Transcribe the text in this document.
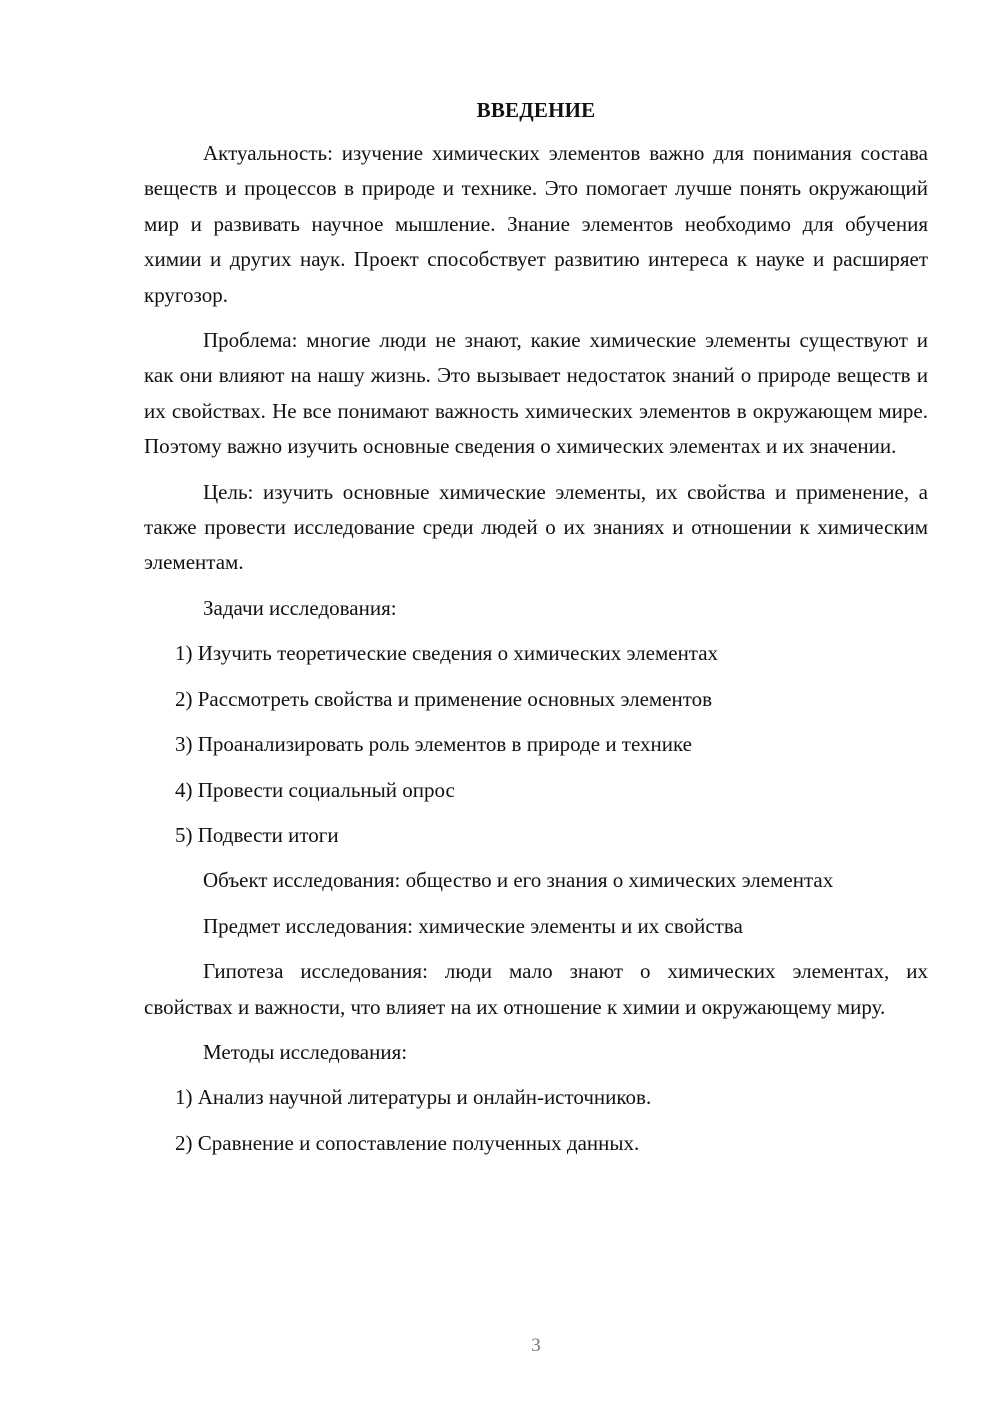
ВВЕДЕНИЕ

Актуальность: изучение химических элементов важно для понимания состава веществ и процессов в природе и технике. Это помогает лучше понять окружающий мир и развивать научное мышление. Знание элементов необходимо для обучения химии и других наук. Проект способствует развитию интереса к науке и расширяет кругозор.

Проблема: многие люди не знают, какие химические элементы существуют и как они влияют на нашу жизнь. Это вызывает недостаток знаний о природе веществ и их свойствах. Не все понимают важность химических элементов в окружающем мире. Поэтому важно изучить основные сведения о химических элементах и их значении.

Цель: изучить основные химические элементы, их свойства и применение, а также провести исследование среди людей о их знаниях и отношении к химическим элементам.

Задачи исследования:

1) Изучить теоретические сведения о химических элементах
2) Рассмотреть свойства и применение основных элементов
3) Проанализировать роль элементов в природе и технике
4) Провести социальный опрос
5) Подвести итоги

Объект исследования: общество и его знания о химических элементах

Предмет исследования: химические элементы и их свойства

Гипотеза исследования: люди мало знают о химических элементах, их свойствах и важности, что влияет на их отношение к химии и окружающему миру.

Методы исследования:

1) Анализ научной литературы и онлайн-источников.
2) Сравнение и сопоставление полученных данных.
3
